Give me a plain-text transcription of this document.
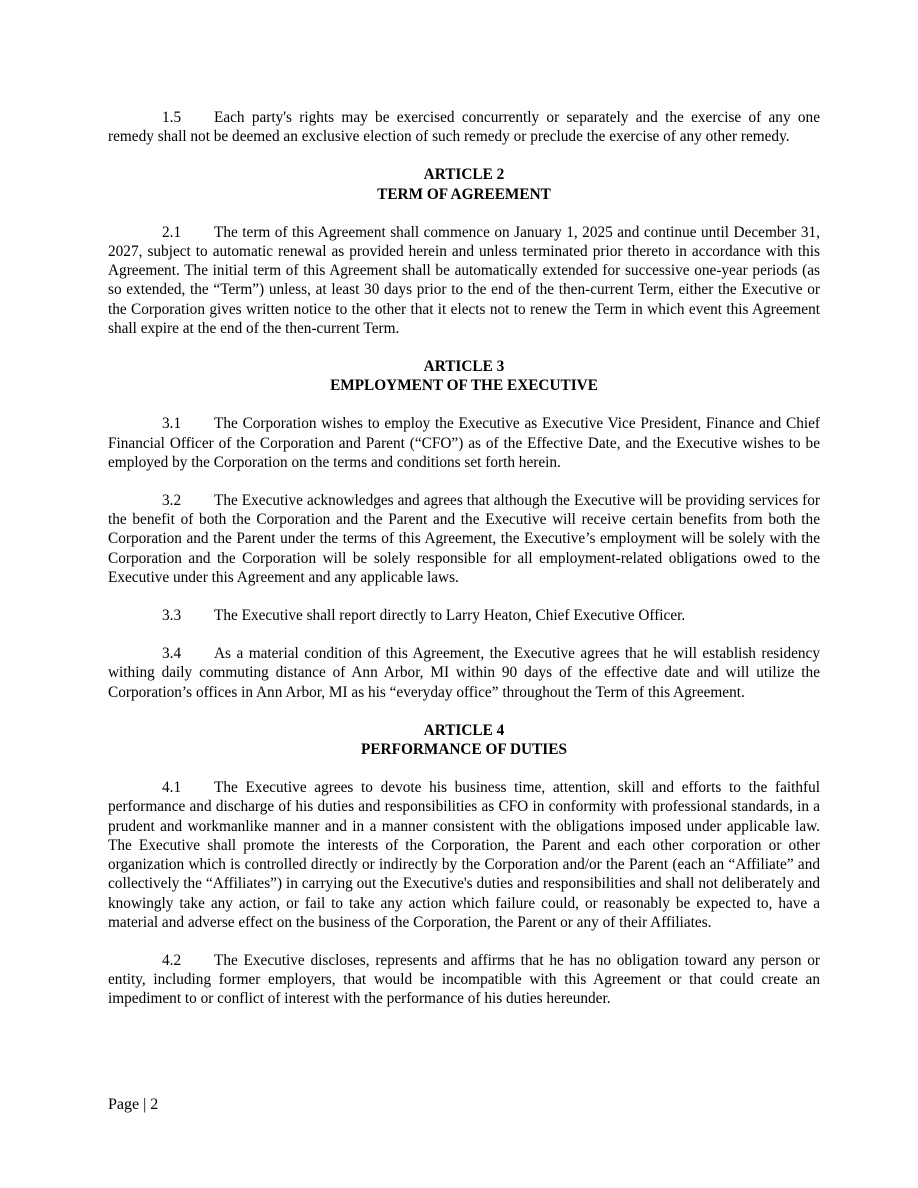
1.5 Each party's rights may be exercised concurrently or separately and the exercise of any one remedy shall not be deemed an exclusive election of such remedy or preclude the exercise of any other remedy.

ARTICLE 2
TERM OF AGREEMENT

2.1 The term of this Agreement shall commence on January 1, 2025 and continue until December 31, 2027, subject to automatic renewal as provided herein and unless terminated prior thereto in accordance with this Agreement. The initial term of this Agreement shall be automatically extended for successive one-year periods (as so extended, the “Term”) unless, at least 30 days prior to the end of the then-current Term, either the Executive or the Corporation gives written notice to the other that it elects not to renew the Term in which event this Agreement shall expire at the end of the then-current Term.

ARTICLE 3
EMPLOYMENT OF THE EXECUTIVE

3.1 The Corporation wishes to employ the Executive as Executive Vice President, Finance and Chief Financial Officer of the Corporation and Parent (“CFO”) as of the Effective Date, and the Executive wishes to be employed by the Corporation on the terms and conditions set forth herein.

3.2 The Executive acknowledges and agrees that although the Executive will be providing services for the benefit of both the Corporation and the Parent and the Executive will receive certain benefits from both the Corporation and the Parent under the terms of this Agreement, the Executive’s employment will be solely with the Corporation and the Corporation will be solely responsible for all employment-related obligations owed to the Executive under this Agreement and any applicable laws.

3.3 The Executive shall report directly to Larry Heaton, Chief Executive Officer.

3.4 As a material condition of this Agreement, the Executive agrees that he will establish residency withing daily commuting distance of Ann Arbor, MI within 90 days of the effective date and will utilize the Corporation’s offices in Ann Arbor, MI as his “everyday office” throughout the Term of this Agreement.

ARTICLE 4
PERFORMANCE OF DUTIES

4.1 The Executive agrees to devote his business time, attention, skill and efforts to the faithful performance and discharge of his duties and responsibilities as CFO in conformity with professional standards, in a prudent and workmanlike manner and in a manner consistent with the obligations imposed under applicable law. The Executive shall promote the interests of the Corporation, the Parent and each other corporation or other organization which is controlled directly or indirectly by the Corporation and/or the Parent (each an “Affiliate” and collectively the “Affiliates”) in carrying out the Executive's duties and responsibilities and shall not deliberately and knowingly take any action, or fail to take any action which failure could, or reasonably be expected to, have a material and adverse effect on the business of the Corporation, the Parent or any of their Affiliates.

4.2 The Executive discloses, represents and affirms that he has no obligation toward any person or entity, including former employers, that would be incompatible with this Agreement or that could create an impediment to or conflict of interest with the performance of his duties hereunder.

Page | 2
